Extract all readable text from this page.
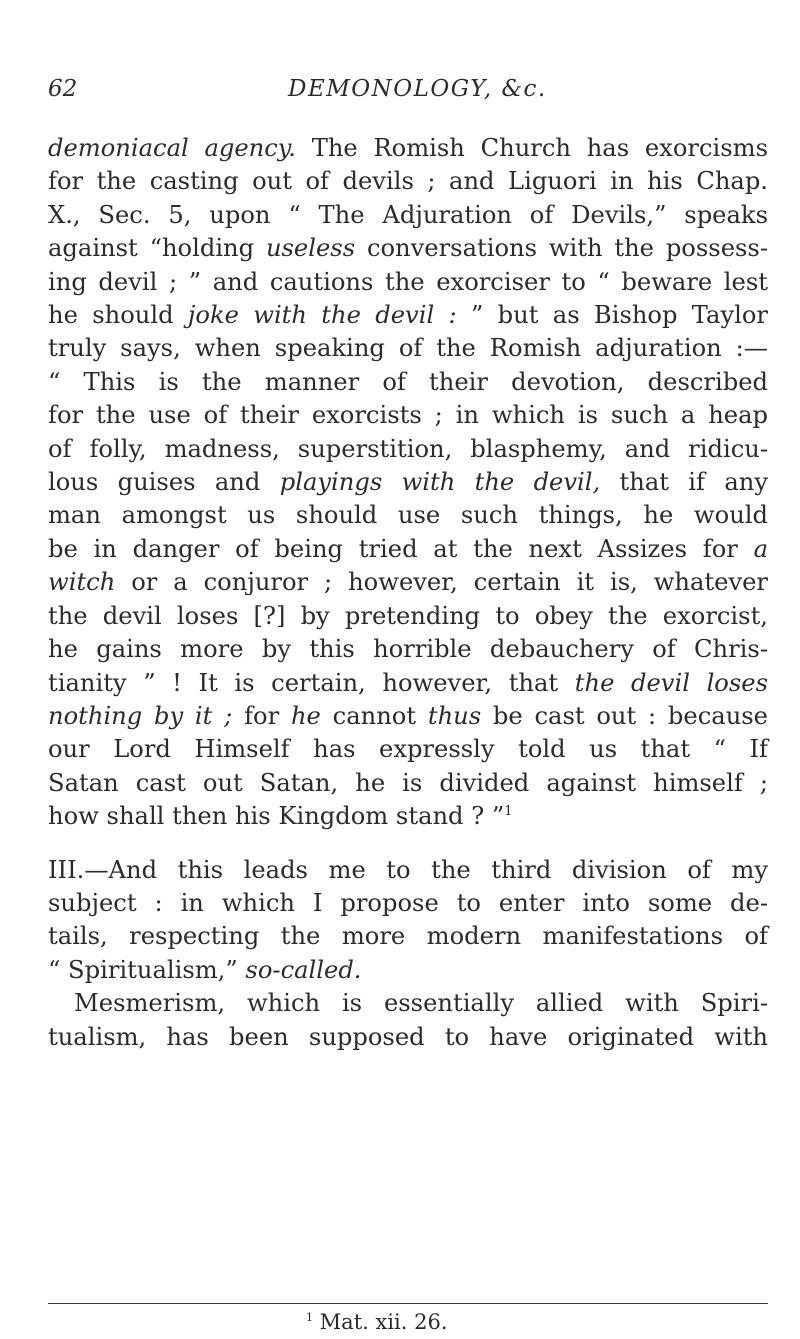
62	DEMONOLOGY, &c.
demoniacal agency. The Romish Church has exorcisms
for the casting out of devils ; and Liguori in his Chap.
X., Sec. 5, upon “ The Adjuration of Devils,” speaks
against “holding useless conversations with the possess-
ing devil ; ” and cautions the exorciser to “ beware lest
he should joke with the devil : ” but as Bishop Taylor
truly says, when speaking of the Romish adjuration :—
“ This is the manner of their devotion, described
for the use of their exorcists ; in which is such a heap
of folly, madness, superstition, blasphemy, and ridicu-
lous guises and playings with the devil, that if any
man amongst us should use such things, he would
be in danger of being tried at the next Assizes for a
witch or a conjuror ; however, certain it is, whatever
the devil loses [?] by pretending to obey the exorcist,
he gains more by this horrible debauchery of Chris-
tianity ” ! It is certain, however, that the devil loses
nothing by it ; for he cannot thus be cast out : because
our Lord Himself has expressly told us that “ If
Satan cast out Satan, he is divided against himself ;
how shall then his Kingdom stand ? ”$^1$
III.—And this leads me to the third division of my
subject : in which I propose to enter into some de-
tails, respecting the more modern manifestations of
“ Spiritualism,” so-called.
Mesmerism, which is essentially allied with Spiri-
tualism, has been supposed to have originated with
$^1$ Mat. xii. 26.
